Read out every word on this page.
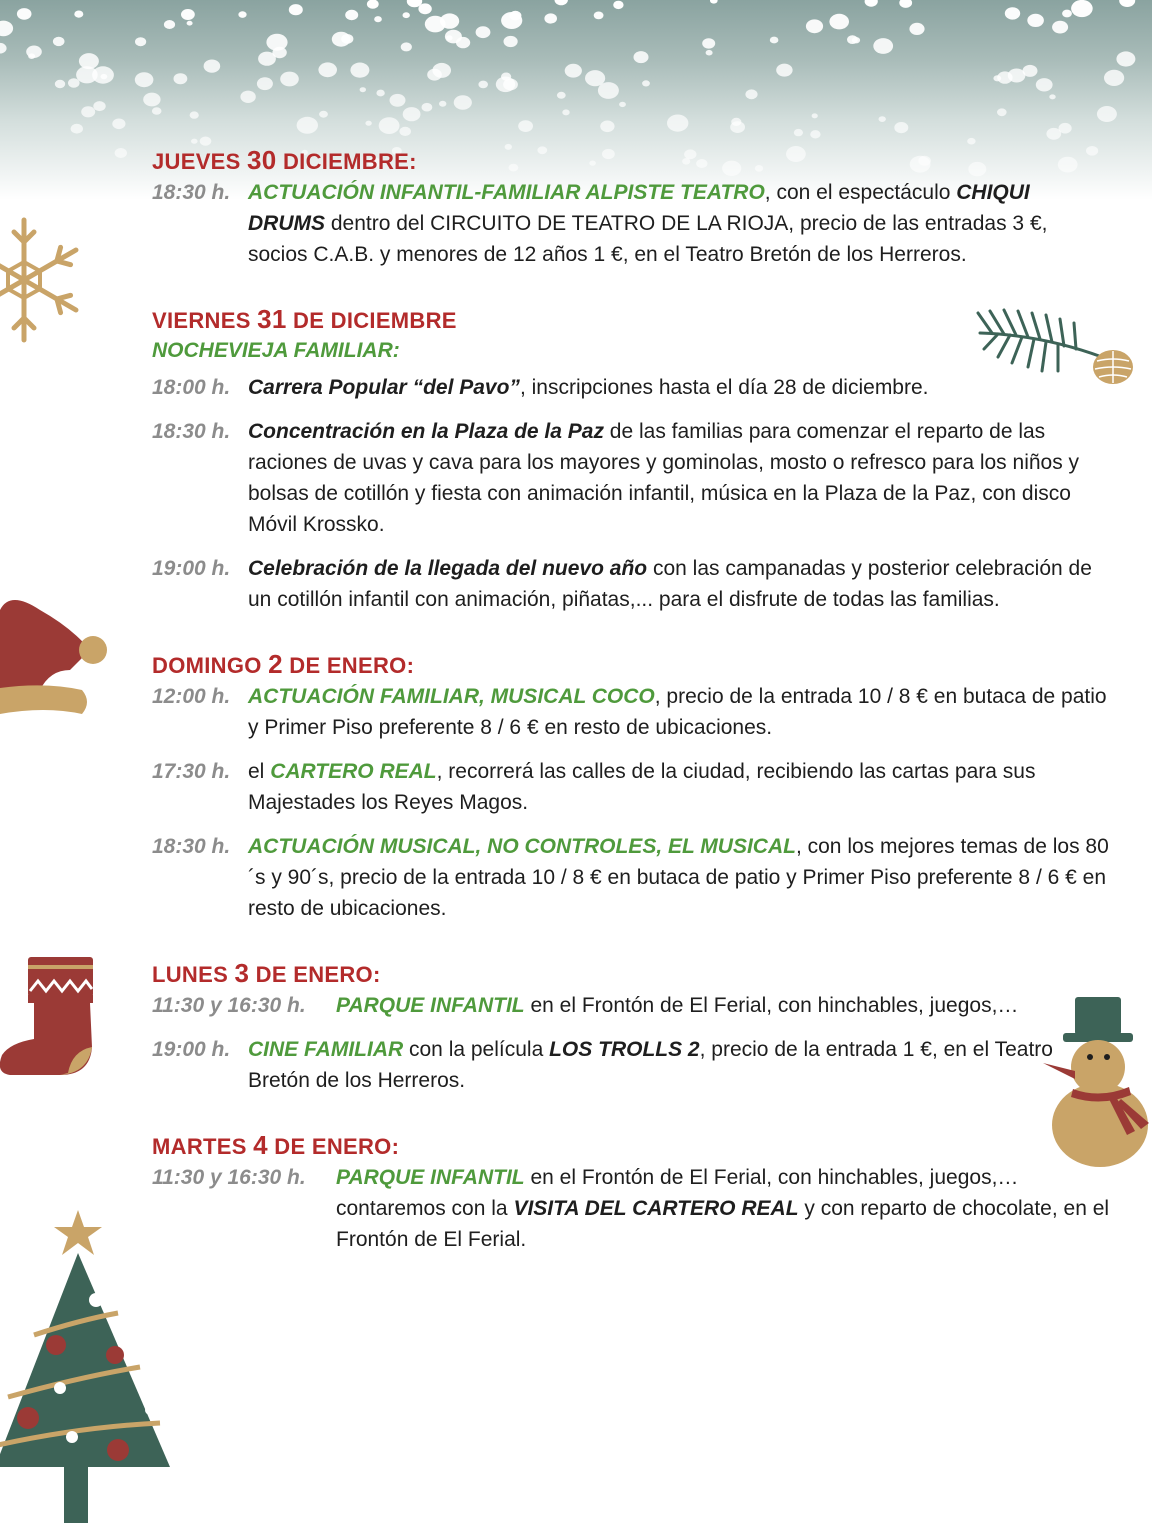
JUEVES 30 DICIEMBRE:
18:30 h. ACTUACIÓN INFANTIL-FAMILIAR ALPISTE TEATRO, con el espectáculo CHIQUI DRUMS dentro del CIRCUITO DE TEATRO DE LA RIOJA, precio de las entradas 3 €, socios C.A.B. y menores de 12 años 1 €, en el Teatro Bretón de los Herreros.
VIERNES 31 DE DICIEMBRE
NOCHEVIEJA FAMILIAR:
18:00 h. Carrera Popular “del Pavo”, inscripciones hasta el día 28 de diciembre.
18:30 h. Concentración en la Plaza de la Paz de las familias para comenzar el reparto de las raciones de uvas y cava para los mayores y gominolas, mosto o refresco para los niños y bolsas de cotillón y fiesta con animación infantil, música en la Plaza de la Paz, con disco Móvil Krossko.
19:00 h. Celebración de la llegada del nuevo año con las campanadas y posterior celebración de un cotillón infantil con animación, piñatas,... para el disfrute de todas las familias.
DOMINGO 2 DE ENERO:
12:00 h. ACTUACIÓN FAMILIAR, MUSICAL COCO, precio de la entrada 10 / 8 € en butaca de patio y Primer Piso preferente 8 / 6 € en resto de ubicaciones.
17:30 h. el CARTERO REAL, recorrerá las calles de la ciudad, recibiendo las cartas para sus Majestades los Reyes Magos.
18:30 h. ACTUACIÓN MUSICAL, NO CONTROLES, EL MUSICAL, con los mejores temas de los 80´s y 90´s, precio de la entrada 10 / 8 € en butaca de patio y Primer Piso preferente 8 / 6 € en resto de ubicaciones.
LUNES 3 DE ENERO:
11:30 y 16:30 h.	PARQUE INFANTIL en el Frontón de El Ferial, con hinchables, juegos,…
19:00 h. CINE FAMILIAR con la película LOS TROLLS 2, precio de la entrada 1 €, en el Teatro Bretón de los Herreros.
MARTES 4 DE ENERO:
11:30 y 16:30 h.	PARQUE INFANTIL en el Frontón de El Ferial, con hinchables, juegos,… contaremos con la VISITA DEL CARTERO REAL y con reparto de chocolate, en el Frontón de El Ferial.
